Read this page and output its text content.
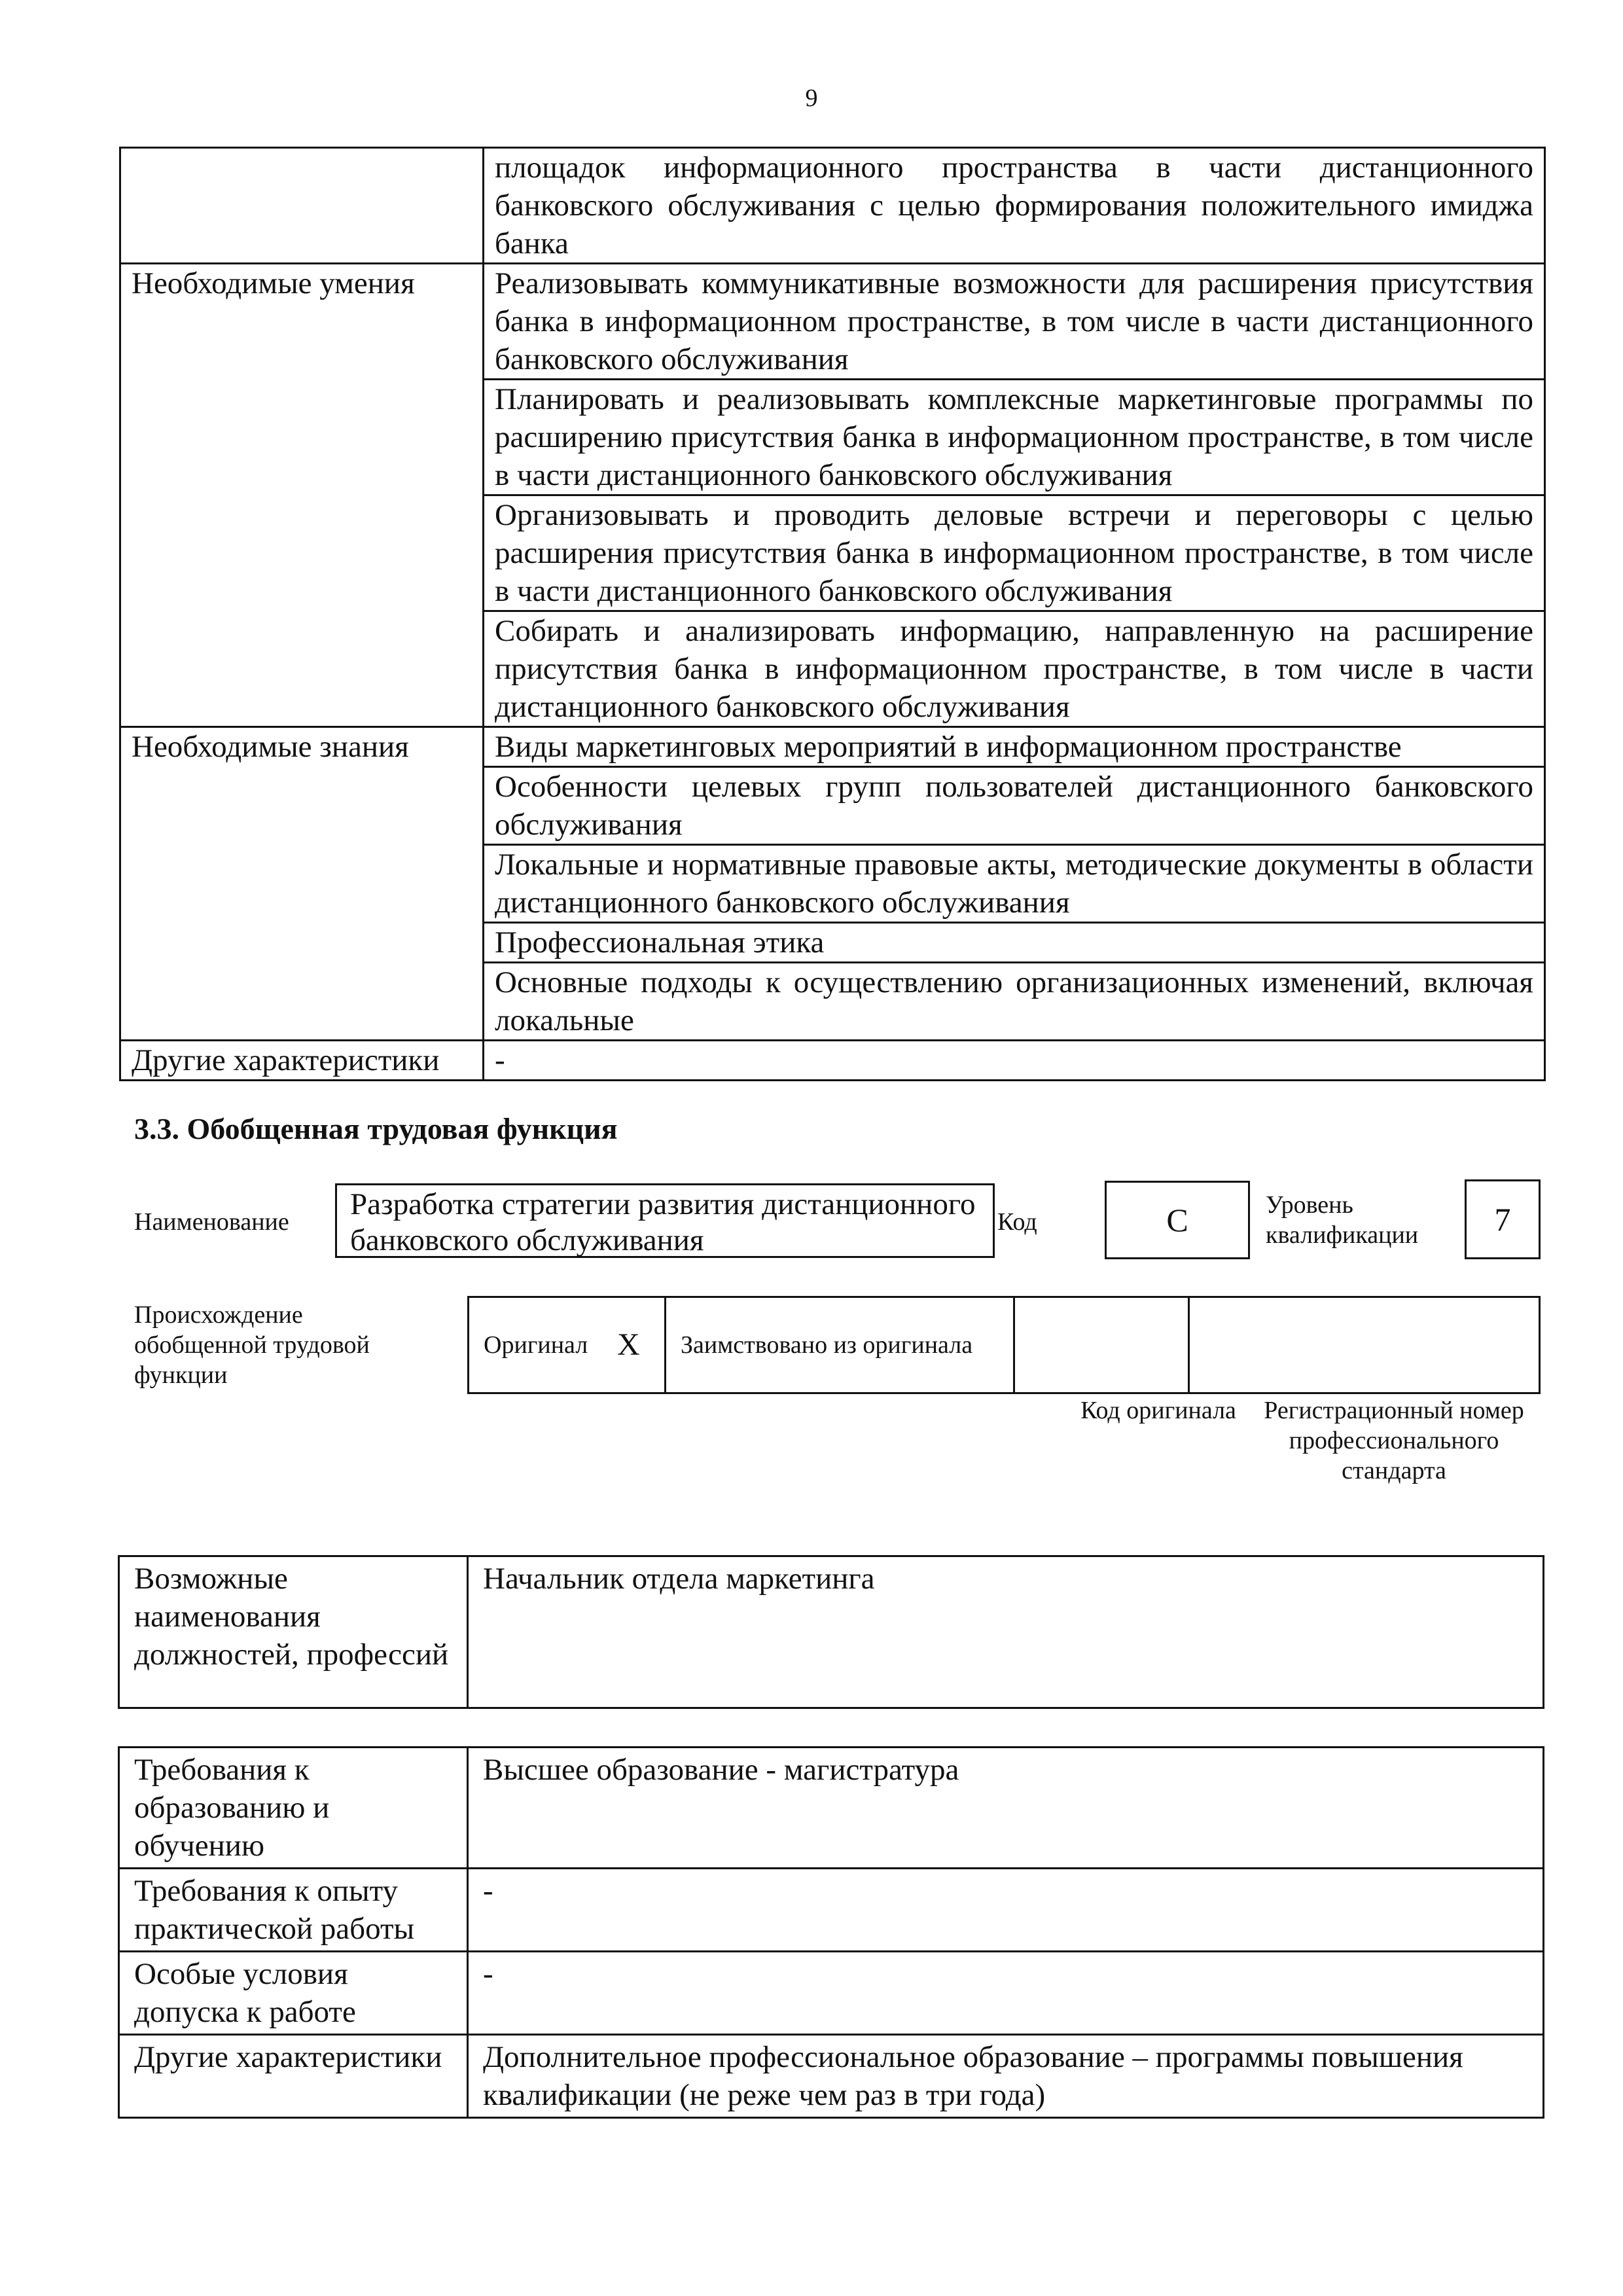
9
	площадок информационного пространства в части дистанционного банковского обслуживания с целью формирования положительного имиджа банка
Необходимые умения	Реализовывать коммуникативные возможности для расширения присутствия банка в информационном пространстве, в том числе в части дистанционного банковского обслуживания
	Планировать и реализовывать комплексные маркетинговые программы по расширению присутствия банка в информационном пространстве, в том числе в части дистанционного банковского обслуживания
	Организовывать и проводить деловые встречи и переговоры с целью расширения присутствия банка в информационном пространстве, в том числе в части дистанционного банковского обслуживания
	Собирать и анализировать информацию, направленную на расширение присутствия банка в информационном пространстве, в том числе в части дистанционного банковского обслуживания
Необходимые знания	Виды маркетинговых мероприятий в информационном пространстве
	Особенности целевых групп пользователей дистанционного банковского обслуживания
	Локальные и нормативные правовые акты, методические документы в области дистанционного банковского обслуживания
	Профессиональная этика
	Основные подходы к осуществлению организационных изменений, включая локальные
Другие характеристики	-
3.3. Обобщенная трудовая функция
Наименование
Разработка стратегии развития дистанционного банковского обслуживания
Код	C	Уровень
квалификации	7
Происхождение обобщенной трудовой функции
Оригинал	X	Заимствовано из оригинала		
Код оригинала Регистрационный номер профессионального стандарта
Возможные наименования должностей, профессий	Начальник отдела маркетинга
Требования к образованию и обучению	Высшее образование - магистратура
Требования к опыту практической работы	-
Особые условия допуска к работе	-
Другие характеристики	Дополнительное профессиональное образование – программы повышения квалификации (не реже чем раз в три года)
